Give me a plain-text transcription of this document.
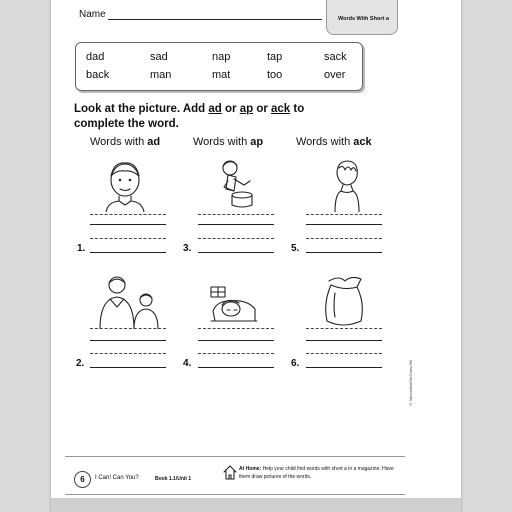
Name	Words With Short a
dad	sad	nap	tap	sack
back	man	mat	too	over
Look at the picture. Add ad or ap or ack to
complete the word.
Words with ad	Words with ap	Words with ack
1.	3.	5.
2.	4.	6.	© Macmillan/McGraw-Hill
6	I Can! Can You?	Book 1.1/Unit 1
At Home: Help your child find words with short a in a magazine. Have them draw pictures of the words.
